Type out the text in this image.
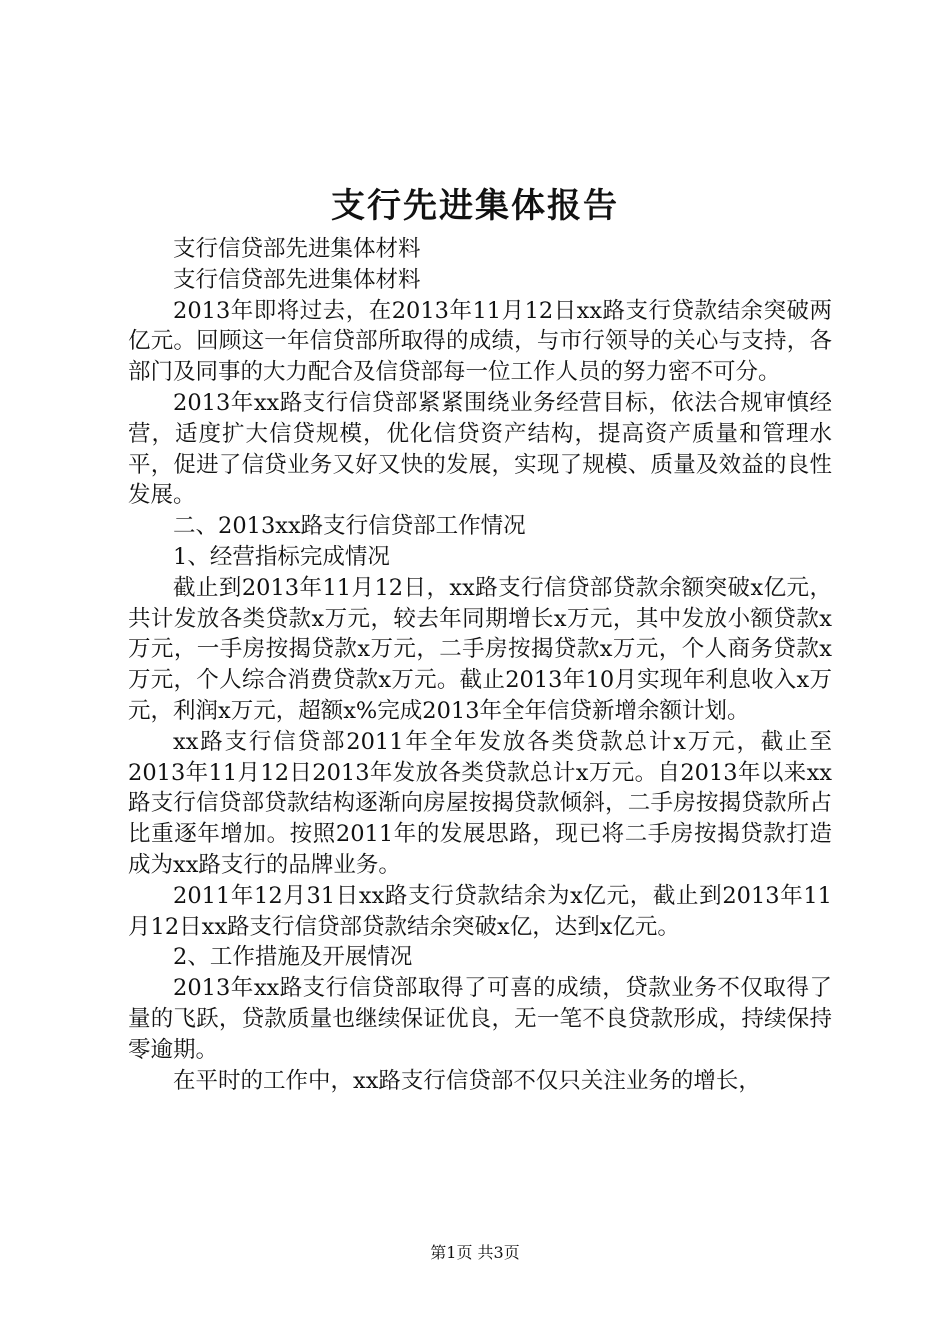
支行先进集体报告

支行信贷部先进集体材料

支行信贷部先进集体材料

2013年即将过去，在2013年11月12日xx路支行贷款结余突破两亿元。回顾这一年信贷部所取得的成绩，与市行领导的关心与支持，各部门及同事的大力配合及信贷部每一位工作人员的努力密不可分。

2013年xx路支行信贷部紧紧围绕业务经营目标，依法合规审慎经营，适度扩大信贷规模，优化信贷资产结构，提高资产质量和管理水平，促进了信贷业务又好又快的发展，实现了规模、质量及效益的良性发展。

二、2013xx路支行信贷部工作情况

1、经营指标完成情况

截止到2013年11月12日，xx路支行信贷部贷款余额突破x亿元，共计发放各类贷款x万元，较去年同期增长x万元，其中发放小额贷款x万元，一手房按揭贷款x万元，二手房按揭贷款x万元，个人商务贷款x万元，个人综合消费贷款x万元。截止2013年10月实现年利息收入x万元，利润x万元，超额x%完成2013年全年信贷新增余额计划。

xx路支行信贷部2011年全年发放各类贷款总计x万元，截止至2013年11月12日2013年发放各类贷款总计x万元。自2013年以来xx路支行信贷部贷款结构逐渐向房屋按揭贷款倾斜，二手房按揭贷款所占比重逐年增加。按照2011年的发展思路，现已将二手房按揭贷款打造成为xx路支行的品牌业务。

2011年12月31日xx路支行贷款结余为x亿元，截止到2013年11月12日xx路支行信贷部贷款结余突破x亿，达到x亿元。

2、工作措施及开展情况

2013年xx路支行信贷部取得了可喜的成绩，贷款业务不仅取得了量的飞跃，贷款质量也继续保证优良，无一笔不良贷款形成，持续保持零逾期。

在平时的工作中，xx路支行信贷部不仅只关注业务的增长，

第1页 共3页
